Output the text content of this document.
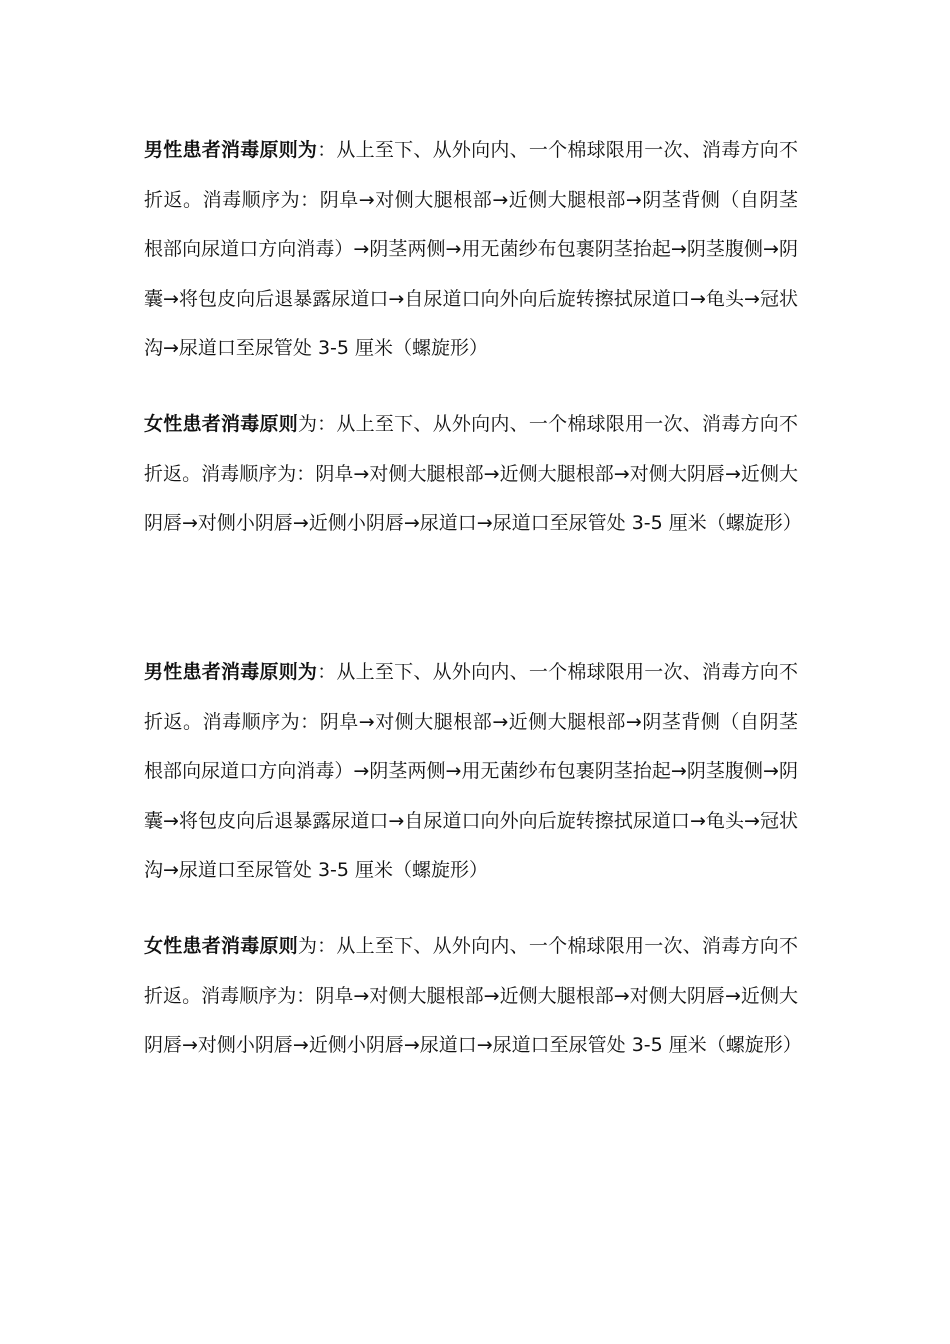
男性患者消毒原则为：从上至下、从外向内、一个棉球限用一次、消毒方向不折返。消毒顺序为：阴阜→对侧大腿根部→近侧大腿根部→阴茎背侧（自阴茎根部向尿道口方向消毒）→阴茎两侧→用无菌纱布包裹阴茎抬起→阴茎腹侧→阴囊→将包皮向后退暴露尿道口→自尿道口向外向后旋转擦拭尿道口→龟头→冠状沟→尿道口至尿管处 3-5 厘米（螺旋形）

女性患者消毒原则为：从上至下、从外向内、一个棉球限用一次、消毒方向不折返。消毒顺序为：阴阜→对侧大腿根部→近侧大腿根部→对侧大阴唇→近侧大阴唇→对侧小阴唇→近侧小阴唇→尿道口→尿道口至尿管处 3-5 厘米（螺旋形）

男性患者消毒原则为：从上至下、从外向内、一个棉球限用一次、消毒方向不折返。消毒顺序为：阴阜→对侧大腿根部→近侧大腿根部→阴茎背侧（自阴茎根部向尿道口方向消毒）→阴茎两侧→用无菌纱布包裹阴茎抬起→阴茎腹侧→阴囊→将包皮向后退暴露尿道口→自尿道口向外向后旋转擦拭尿道口→龟头→冠状沟→尿道口至尿管处 3-5 厘米（螺旋形）

女性患者消毒原则为：从上至下、从外向内、一个棉球限用一次、消毒方向不折返。消毒顺序为：阴阜→对侧大腿根部→近侧大腿根部→对侧大阴唇→近侧大阴唇→对侧小阴唇→近侧小阴唇→尿道口→尿道口至尿管处 3-5 厘米（螺旋形）
